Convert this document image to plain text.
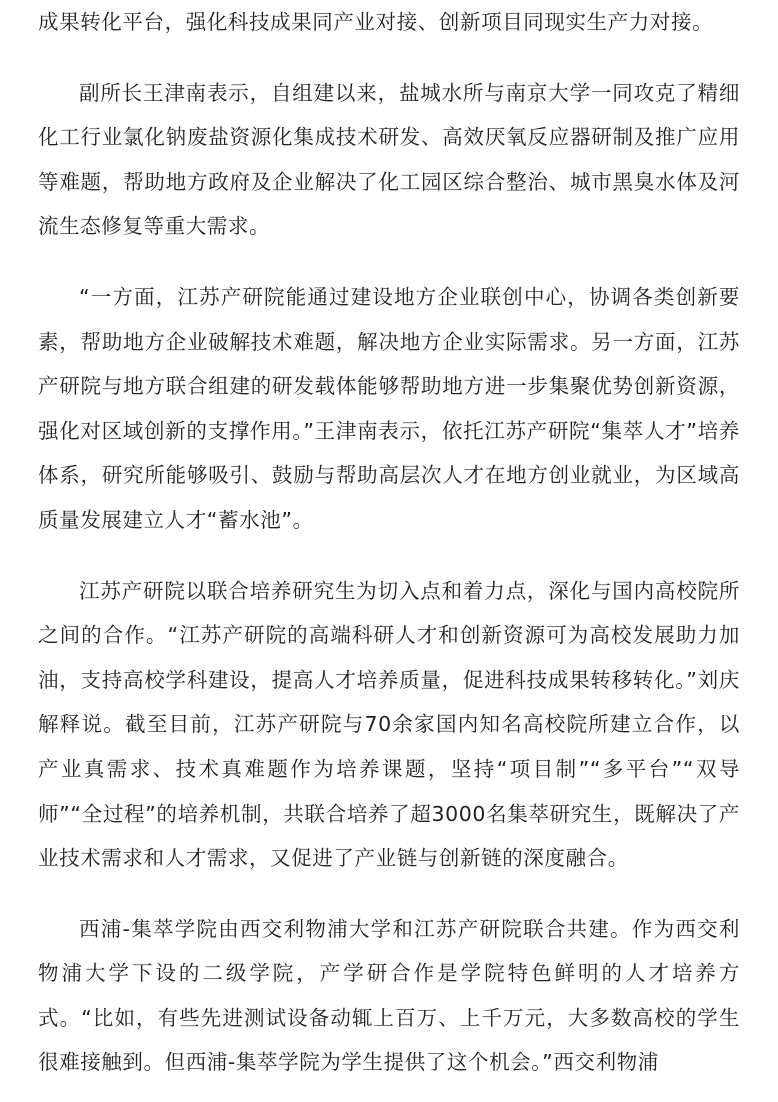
成果转化平台，强化科技成果同产业对接、创新项目同现实生产力对接。

副所长王津南表示，自组建以来，盐城水所与南京大学一同攻克了精细化工行业氯化钠废盐资源化集成技术研发、高效厌氧反应器研制及推广应用等难题，帮助地方政府及企业解决了化工园区综合整治、城市黑臭水体及河流生态修复等重大需求。

“一方面，江苏产研院能通过建设地方企业联创中心，协调各类创新要素，帮助地方企业破解技术难题，解决地方企业实际需求。另一方面，江苏产研院与地方联合组建的研发载体能够帮助地方进一步集聚优势创新资源，强化对区域创新的支撑作用。”王津南表示，依托江苏产研院“集萃人才”培养体系，研究所能够吸引、鼓励与帮助高层次人才在地方创业就业，为区域高质量发展建立人才“蓄水池”。

江苏产研院以联合培养研究生为切入点和着力点，深化与国内高校院所之间的合作。“江苏产研院的高端科研人才和创新资源可为高校发展助力加油，支持高校学科建设，提高人才培养质量，促进科技成果转移转化。”刘庆解释说。截至目前，江苏产研院与70余家国内知名高校院所建立合作，以产业真需求、技术真难题作为培养课题，坚持“项目制”“多平台”“双导师”“全过程”的培养机制，共联合培养了超3000名集萃研究生，既解决了产业技术需求和人才需求，又促进了产业链与创新链的深度融合。

西浦-集萃学院由西交利物浦大学和江苏产研院联合共建。作为西交利物浦大学下设的二级学院，产学研合作是学院特色鲜明的人才培养方式。“比如，有些先进测试设备动辄上百万、上千万元，大多数高校的学生很难接触到。但西浦-集萃学院为学生提供了这个机会。”西交利物浦
